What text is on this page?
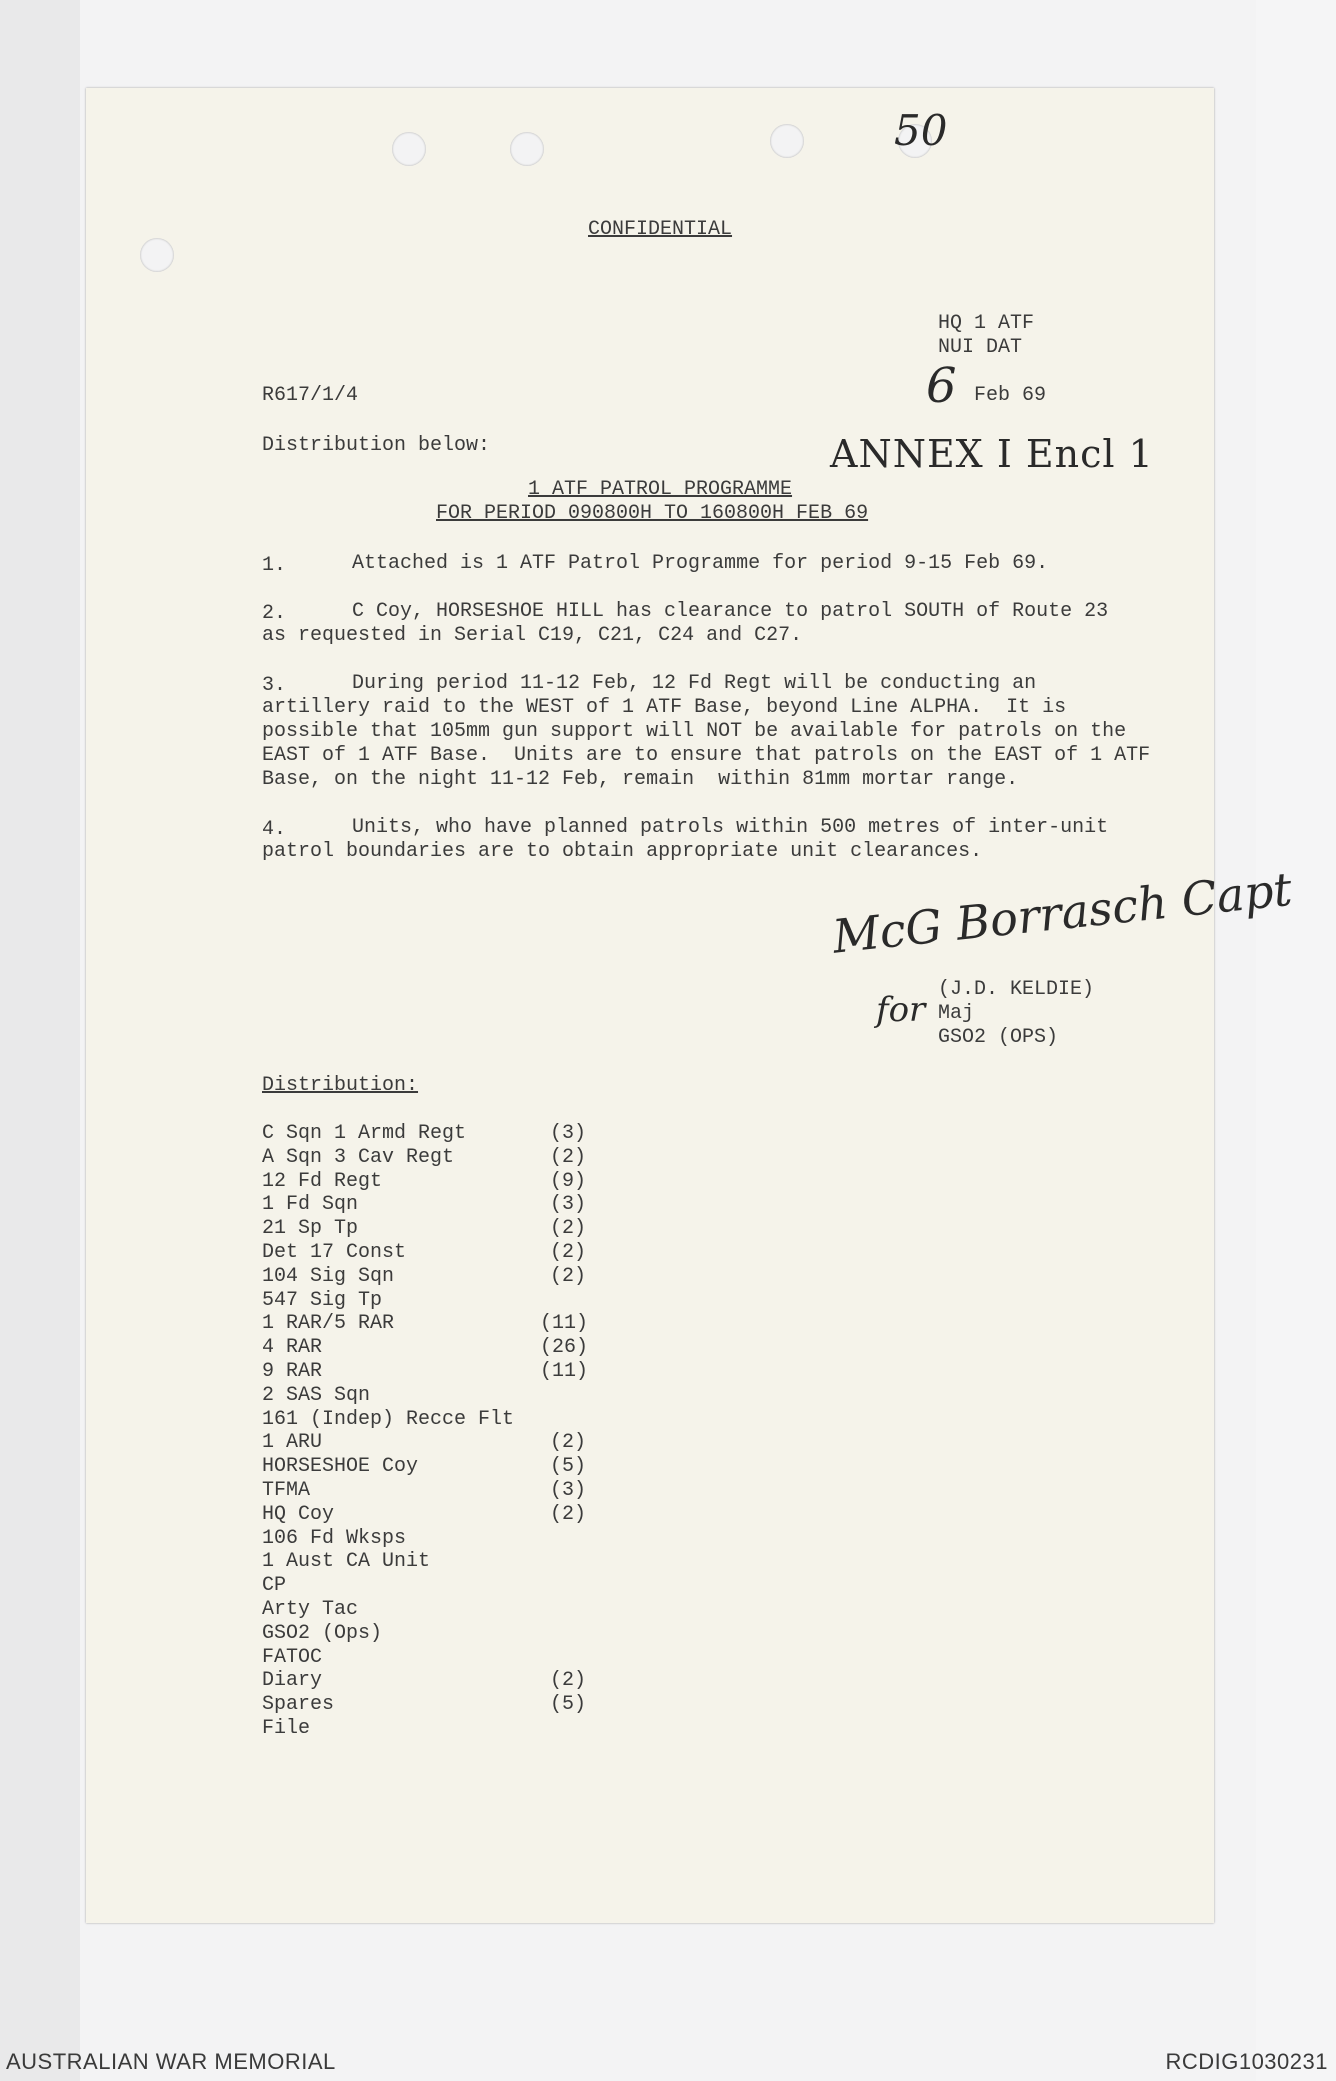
50
CONFIDENTIAL
HQ 1 ATF
NUI DAT
R617/1/4	6 Feb 69
Distribution below:	ANNEX I Encl 1
1 ATF PATROL PROGRAMME
FOR PERIOD 090800H TO 160800H FEB 69
1.	Attached is 1 ATF Patrol Programme for period 9-15 Feb 69.
2.	C Coy, HORSESHOE HILL has clearance to patrol SOUTH of Route 23
as requested in Serial C19, C21, C24 and C27.
3.	During period 11-12 Feb, 12 Fd Regt will be conducting an
artillery raid to the WEST of 1 ATF Base, beyond Line ALPHA.  It is
possible that 105mm gun support will NOT be available for patrols on the
EAST of 1 ATF Base.  Units are to ensure that patrols on the EAST of 1 ATF
Base, on the night 11-12 Feb, remain  within 81mm mortar range.
4.	Units, who have planned patrols within 500 metres of inter-unit
patrol boundaries are to obtain appropriate unit clearances.
McG Borrasch Capt
for
(J.D. KELDIE)
Maj
GSO2 (OPS)
Distribution:
C Sqn 1 Armd Regt	(3)
A Sqn 3 Cav Regt	(2)
12 Fd Regt	(9)
1 Fd Sqn	(3)
21 Sp Tp	(2)
Det 17 Const	(2)
104 Sig Sqn	(2)
547 Sig Tp
1 RAR/5 RAR	(11)
4 RAR	(26)
9 RAR	(11)
2 SAS Sqn
161 (Indep) Recce Flt
1 ARU	(2)
HORSESHOE Coy	(5)
TFMA	(3)
HQ Coy	(2)
106 Fd Wksps
1 Aust CA Unit
CP
Arty Tac
GSO2 (Ops)
FATOC
Diary	(2)
Spares	(5)
File
AUSTRALIAN WAR MEMORIAL	RCDIG1030231
